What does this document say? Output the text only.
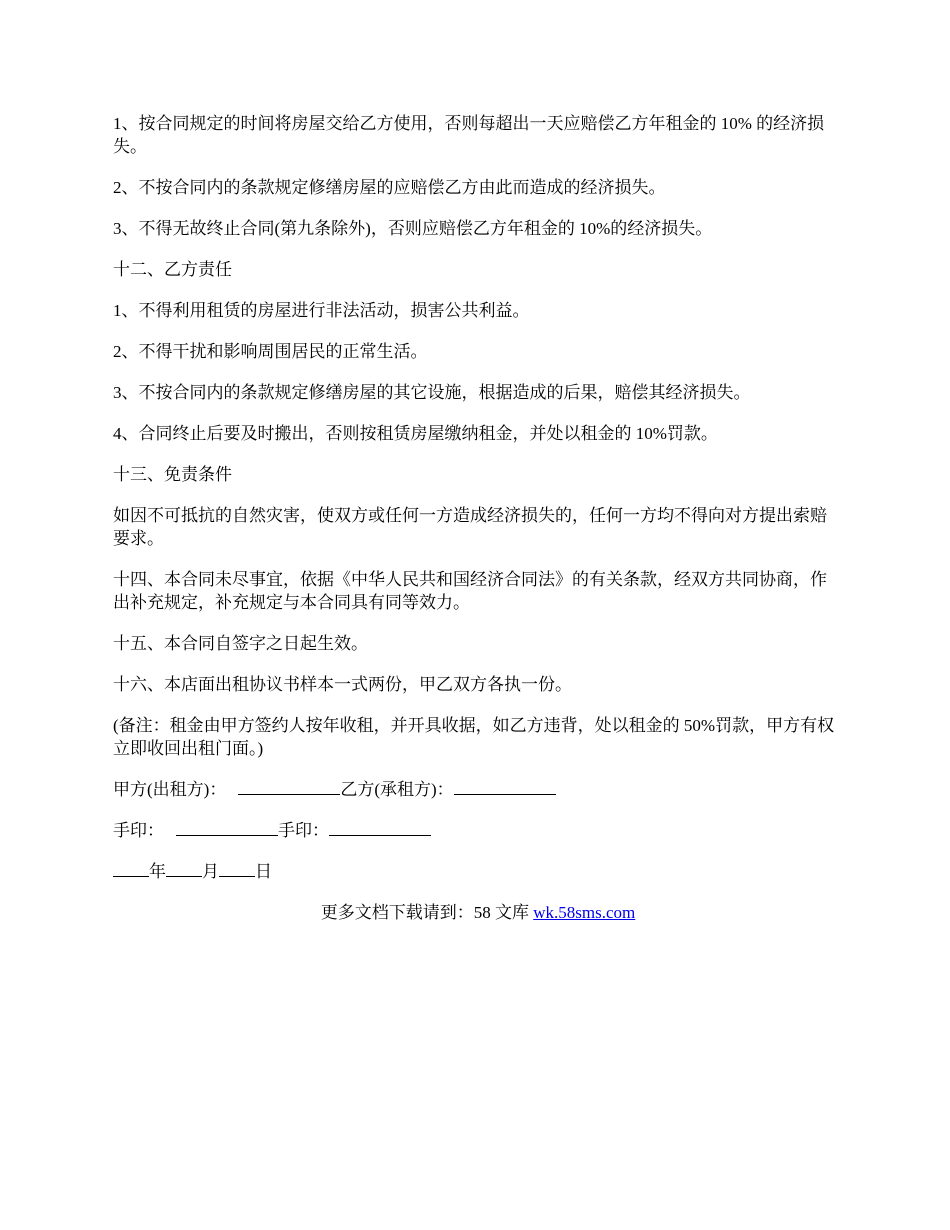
1、按合同规定的时间将房屋交给乙方使用，否则每超出一天应赔偿乙方年租金的 10% 的经济损失。

2、不按合同内的条款规定修缮房屋的应赔偿乙方由此而造成的经济损失。

3、不得无故终止合同(第九条除外)，否则应赔偿乙方年租金的 10%的经济损失。

十二、乙方责任

1、不得利用租赁的房屋进行非法活动，损害公共利益。

2、不得干扰和影响周围居民的正常生活。

3、不按合同内的条款规定修缮房屋的其它设施，根据造成的后果，赔偿其经济损失。

4、合同终止后要及时搬出，否则按租赁房屋缴纳租金，并处以租金的 10%罚款。

十三、免责条件

如因不可抵抗的自然灾害，使双方或任何一方造成经济损失的，任何一方均不得向对方提出索赔要求。

十四、本合同未尽事宜，依据《中华人民共和国经济合同法》的有关条款，经双方共同协商，作出补充规定，补充规定与本合同具有同等效力。

十五、本合同自签字之日起生效。

十六、本店面出租协议书样本一式两份，甲乙双方各执一份。

(备注：租金由甲方签约人按年收租，并开具收据，如乙方违背，处以租金的 50%罚款，甲方有权立即收回出租门面。)

甲方(出租方)：	乙方(承租方)：

手印：	手印：

年 月 日

更多文档下载请到：58 文库 wk.58sms.com
